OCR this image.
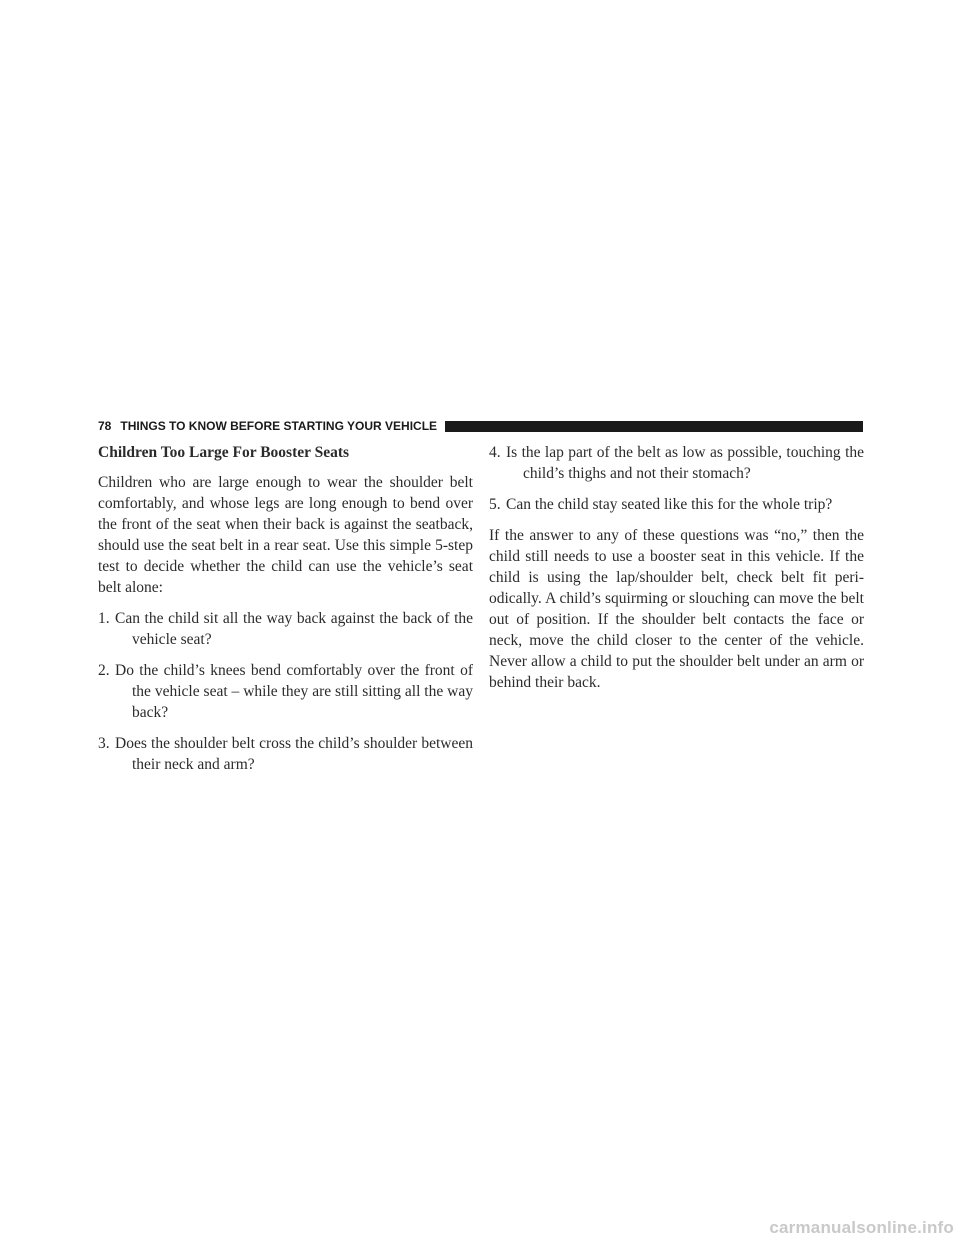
78 THINGS TO KNOW BEFORE STARTING YOUR VEHICLE
Children Too Large For Booster Seats

Children who are large enough to wear the shoulder belt comfortably, and whose legs are long enough to bend over the front of the seat when their back is against the seatback, should use the seat belt in a rear seat. Use this simple 5-step test to decide whether the child can use the vehicle’s seat belt alone:

1. Can the child sit all the way back against the back of the vehicle seat?
2. Do the child’s knees bend comfortably over the front of the vehicle seat – while they are still sitting all the way back?
3. Does the shoulder belt cross the child’s shoulder between their neck and arm?
4. Is the lap part of the belt as low as possible, touching the child’s thighs and not their stomach?
5. Can the child stay seated like this for the whole trip?

If the answer to any of these questions was “no,” then the child still needs to use a booster seat in this vehicle. If the child is using the lap/shoulder belt, check belt fit peri-odically. A child’s squirming or slouching can move the belt out of position. If the shoulder belt contacts the face or neck, move the child closer to the center of the vehicle. Never allow a child to put the shoulder belt under an arm or behind their back.

carmanualsonline.info
